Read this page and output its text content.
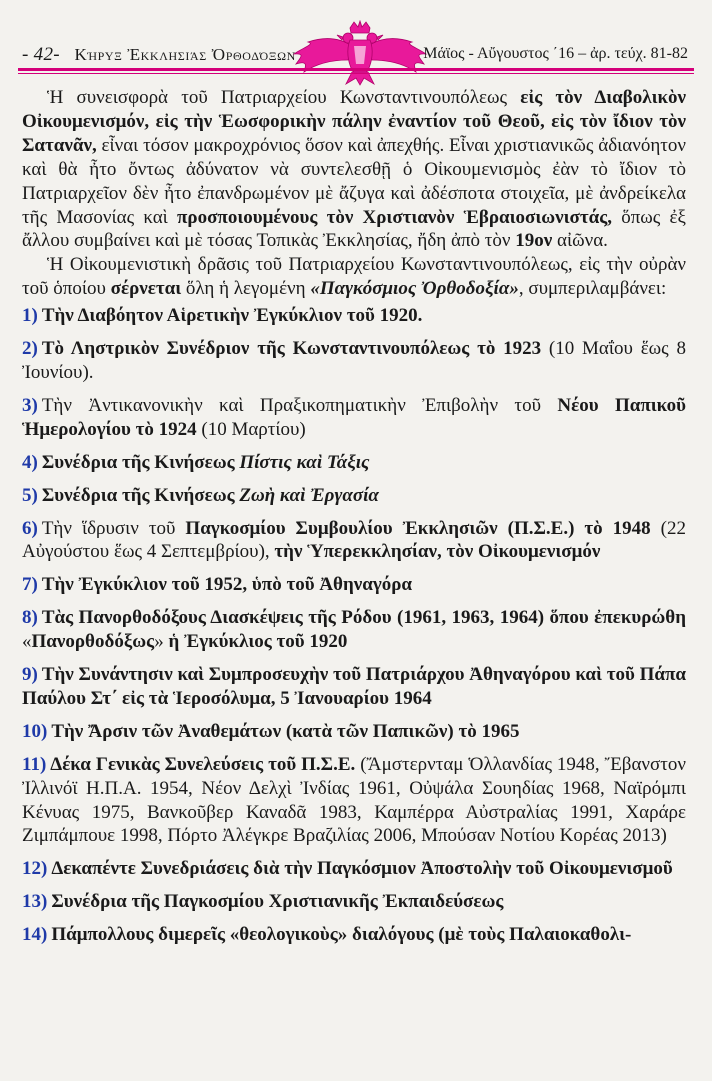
- 42- Κήρυξ Ἐκκλησιάς Ὀρθοδόξων	Μάϊος - Αὔγουστος ΄16 – ἀρ. τεύχ. 81-82

Ἡ συνεισφορὰ τοῦ Πατριαρχείου Κωνσταντινουπόλεως εἰς τὸν Διαβολικὸν Οἰκουμενισμόν, εἰς τὴν Ἑωσφορικὴν πάλην ἐναντίον τοῦ Θεοῦ, εἰς τὸν ἴδιον τὸν Σατανᾶν, εἶναι τόσον μακροχρόνιος ὅσον καὶ ἀπεχθής. Εἶναι χριστιανικῶς ἀδιανόητον καὶ θὰ ἦτο ὄντως ἀδύνατον νὰ συντελεσθῇ ὁ Οἰκουμενισμὸς ἐὰν τὸ ἴδιον τὸ Πατριαρχεῖον δὲν ἦτο ἐπανδρωμένον μὲ ἄζυγα καὶ ἀδέσποτα στοιχεῖα, μὲ ἀνδρείκελα τῆς Μασονίας καὶ προσποιουμένους τὸν Χριστιανὸν Ἑβραιοσιωνιστάς, ὅπως ἐξ ἄλλου συμβαίνει καὶ μὲ τόσας Τοπικὰς Ἐκκλησίας, ἤδη ἀπὸ τὸν 19ον αἰῶνα.

Ἡ Οἰκουμενιστικὴ δρᾶσις τοῦ Πατριαρχείου Κωνσταντινουπόλεως, εἰς τὴν οὐρὰν τοῦ ὁποίου σέρνεται ὅλη ἡ λεγομένη «Παγκόσμιος Ὀρθοδοξία», συμπεριλαμβάνει:

1) Τὴν Διαβόητον Αἱρετικὴν Ἐγκύκλιον τοῦ 1920.

2) Τὸ Ληστρικὸν Συνέδριον τῆς Κωνσταντινουπόλεως τὸ 1923 (10 Μαΐου ἕως 8 Ἰουνίου).

3) Τὴν Ἀντικανονικὴν καὶ Πραξικοπηματικὴν Ἐπιβολὴν τοῦ Νέου Παπικοῦ Ἡμερολογίου τὸ 1924 (10 Μαρτίου)

4) Συνέδρια τῆς Κινήσεως Πίστις καὶ Τάξις

5) Συνέδρια τῆς Κινήσεως Ζωὴ καὶ Ἐργασία

6) Τὴν ἵδρυσιν τοῦ Παγκοσμίου Συμβουλίου Ἐκκλησιῶν (Π.Σ.Ε.) τὸ 1948 (22 Αὐγούστου ἕως 4 Σεπτεμβρίου), τὴν Ὑπερεκκλησίαν, τὸν Οἰκουμενισμόν

7) Τὴν Ἐγκύκλιον τοῦ 1952, ὑπὸ τοῦ Ἀθηναγόρα

8) Τὰς Πανορθοδόξους Διασκέψεις τῆς Ρόδου (1961, 1963, 1964) ὅπου ἐπεκυρώθη «Πανορθοδόξως» ἡ Ἐγκύκλιος τοῦ 1920

9) Τὴν Συνάντησιν καὶ Συμπροσευχὴν τοῦ Πατριάρχου Ἀθηναγόρου καὶ τοῦ Πάπα Παύλου Στ΄ εἰς τὰ Ἱεροσόλυμα, 5 Ἰανουαρίου 1964

10) Τὴν Ἄρσιν τῶν Ἀναθεμάτων (κατὰ τῶν Παπικῶν) τὸ 1965

11) Δέκα Γενικὰς Συνελεύσεις τοῦ Π.Σ.Ε. (Ἄμστερνταμ Ὁλλανδίας 1948, Ἔβανστον Ἰλλινόϊ Η.Π.Α. 1954, Νέον Δελχὶ Ἰνδίας 1961, Οὐψάλα Σουηδίας 1968, Ναϊρόμπι Κένυας 1975, Βανκοῦβερ Καναδᾶ 1983, Καμπέρρα Αὐστραλίας 1991, Χαράρε Ζιμπάμπουε 1998, Πόρτο Ἀλέγκρε Βραζιλίας 2006, Μπούσαν Νοτίου Κορέας 2013)

12) Δεκαπέντε Συνεδριάσεις διὰ τὴν Παγκόσμιον Ἀποστολὴν τοῦ Οἰκουμενισμοῦ

13) Συνέδρια τῆς Παγκοσμίου Χριστιανικῆς Ἐκπαιδεύσεως

14) Πάμπολλους διμερεῖς «θεολογικοὺς» διαλόγους (μὲ τοὺς Παλαιοκαθολι-
